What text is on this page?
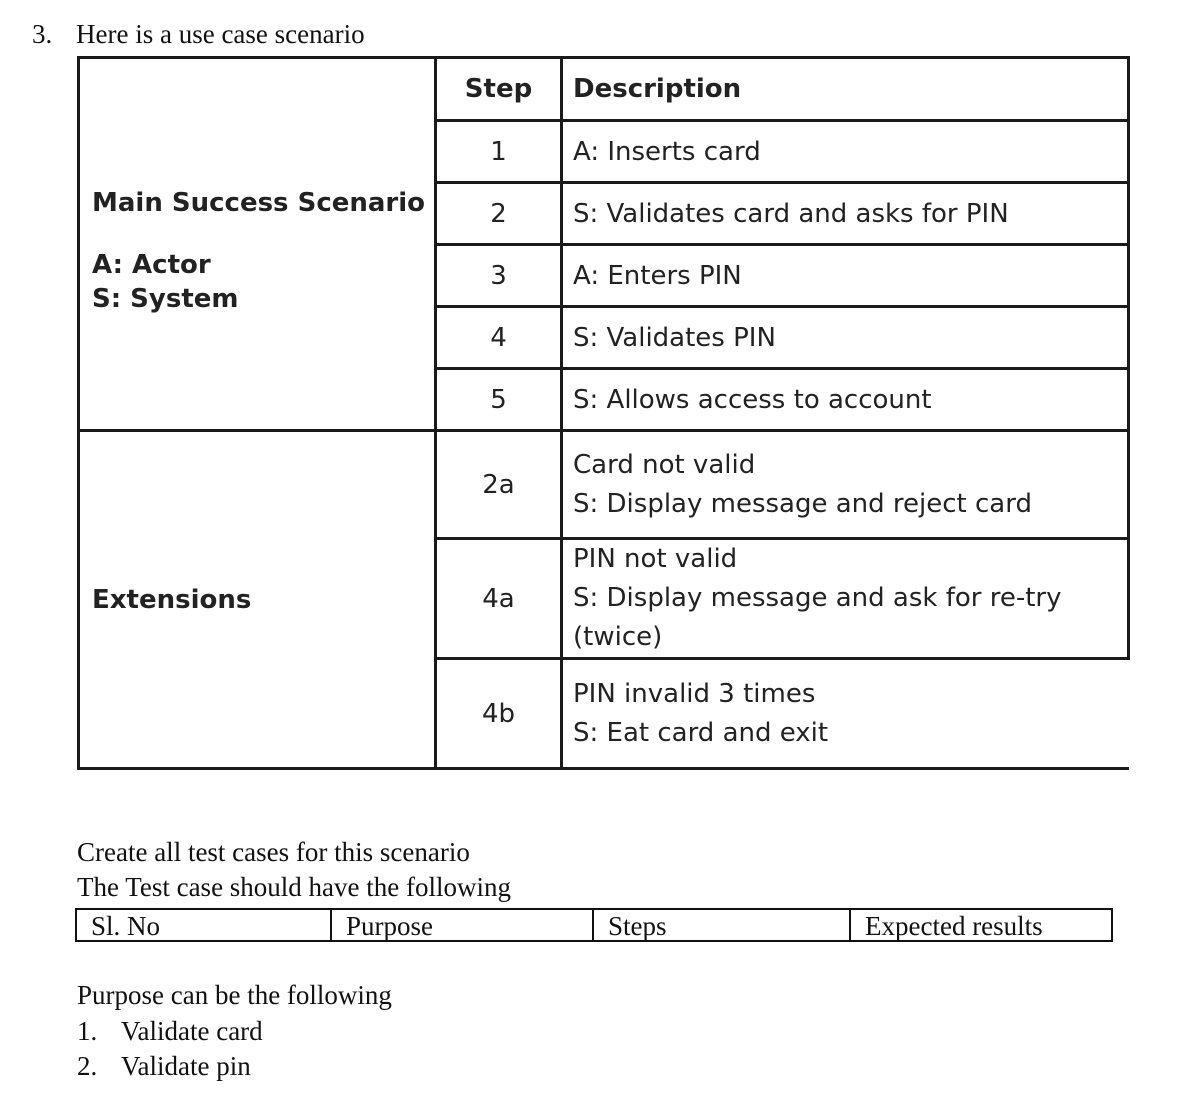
3. Here is a use case scenario
	Step	Description

Main Success Scenario
A: Actor
S: System	1	A: Inserts card
	2	S: Validates card and asks for PIN
	3	A: Enters PIN
	4	S: Validates PIN
	5	S: Allows access to account

Extensions	2a	Card not valid
S: Display message and reject card

	4a	PIN not valid
S: Display message and ask for re-try (twice)

	4b	PIN invalid 3 times
S: Eat card and exit
Create all test cases for this scenario
The Test case should have the following
Sl. No	Purpose	Steps	Expected results
Purpose can be the following
1. Validate card
2. Validate pin
